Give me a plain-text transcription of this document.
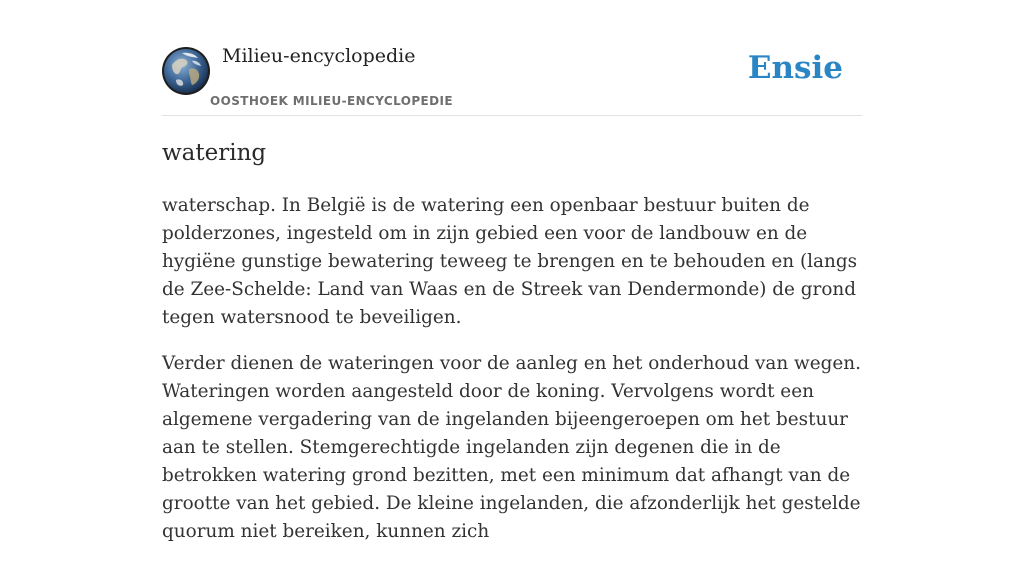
Milieu-encyclopedie
OOSTHOEK MILIEU-ENCYCLOPEDIE
Ensie
watering

waterschap. In België is de watering een openbaar bestuur buiten de polderzones, ingesteld om in zijn gebied een voor de landbouw en de hygiëne gunstige bewatering teweeg te brengen en te behouden en (langs de Zee-Schelde: Land van Waas en de Streek van Dendermonde) de grond tegen watersnood te beveiligen.

Verder dienen de wateringen voor de aanleg en het onderhoud van wegen. Wateringen worden aangesteld door de koning. Vervolgens wordt een algemene vergadering van de ingelanden bijeengeroepen om het bestuur aan te stellen. Stemgerechtigde ingelanden zijn degenen die in de betrokken watering grond bezitten, met een minimum dat afhangt van de grootte van het gebied. De kleine ingelanden, die afzonderlijk het gestelde quorum niet bereiken, kunnen zich
